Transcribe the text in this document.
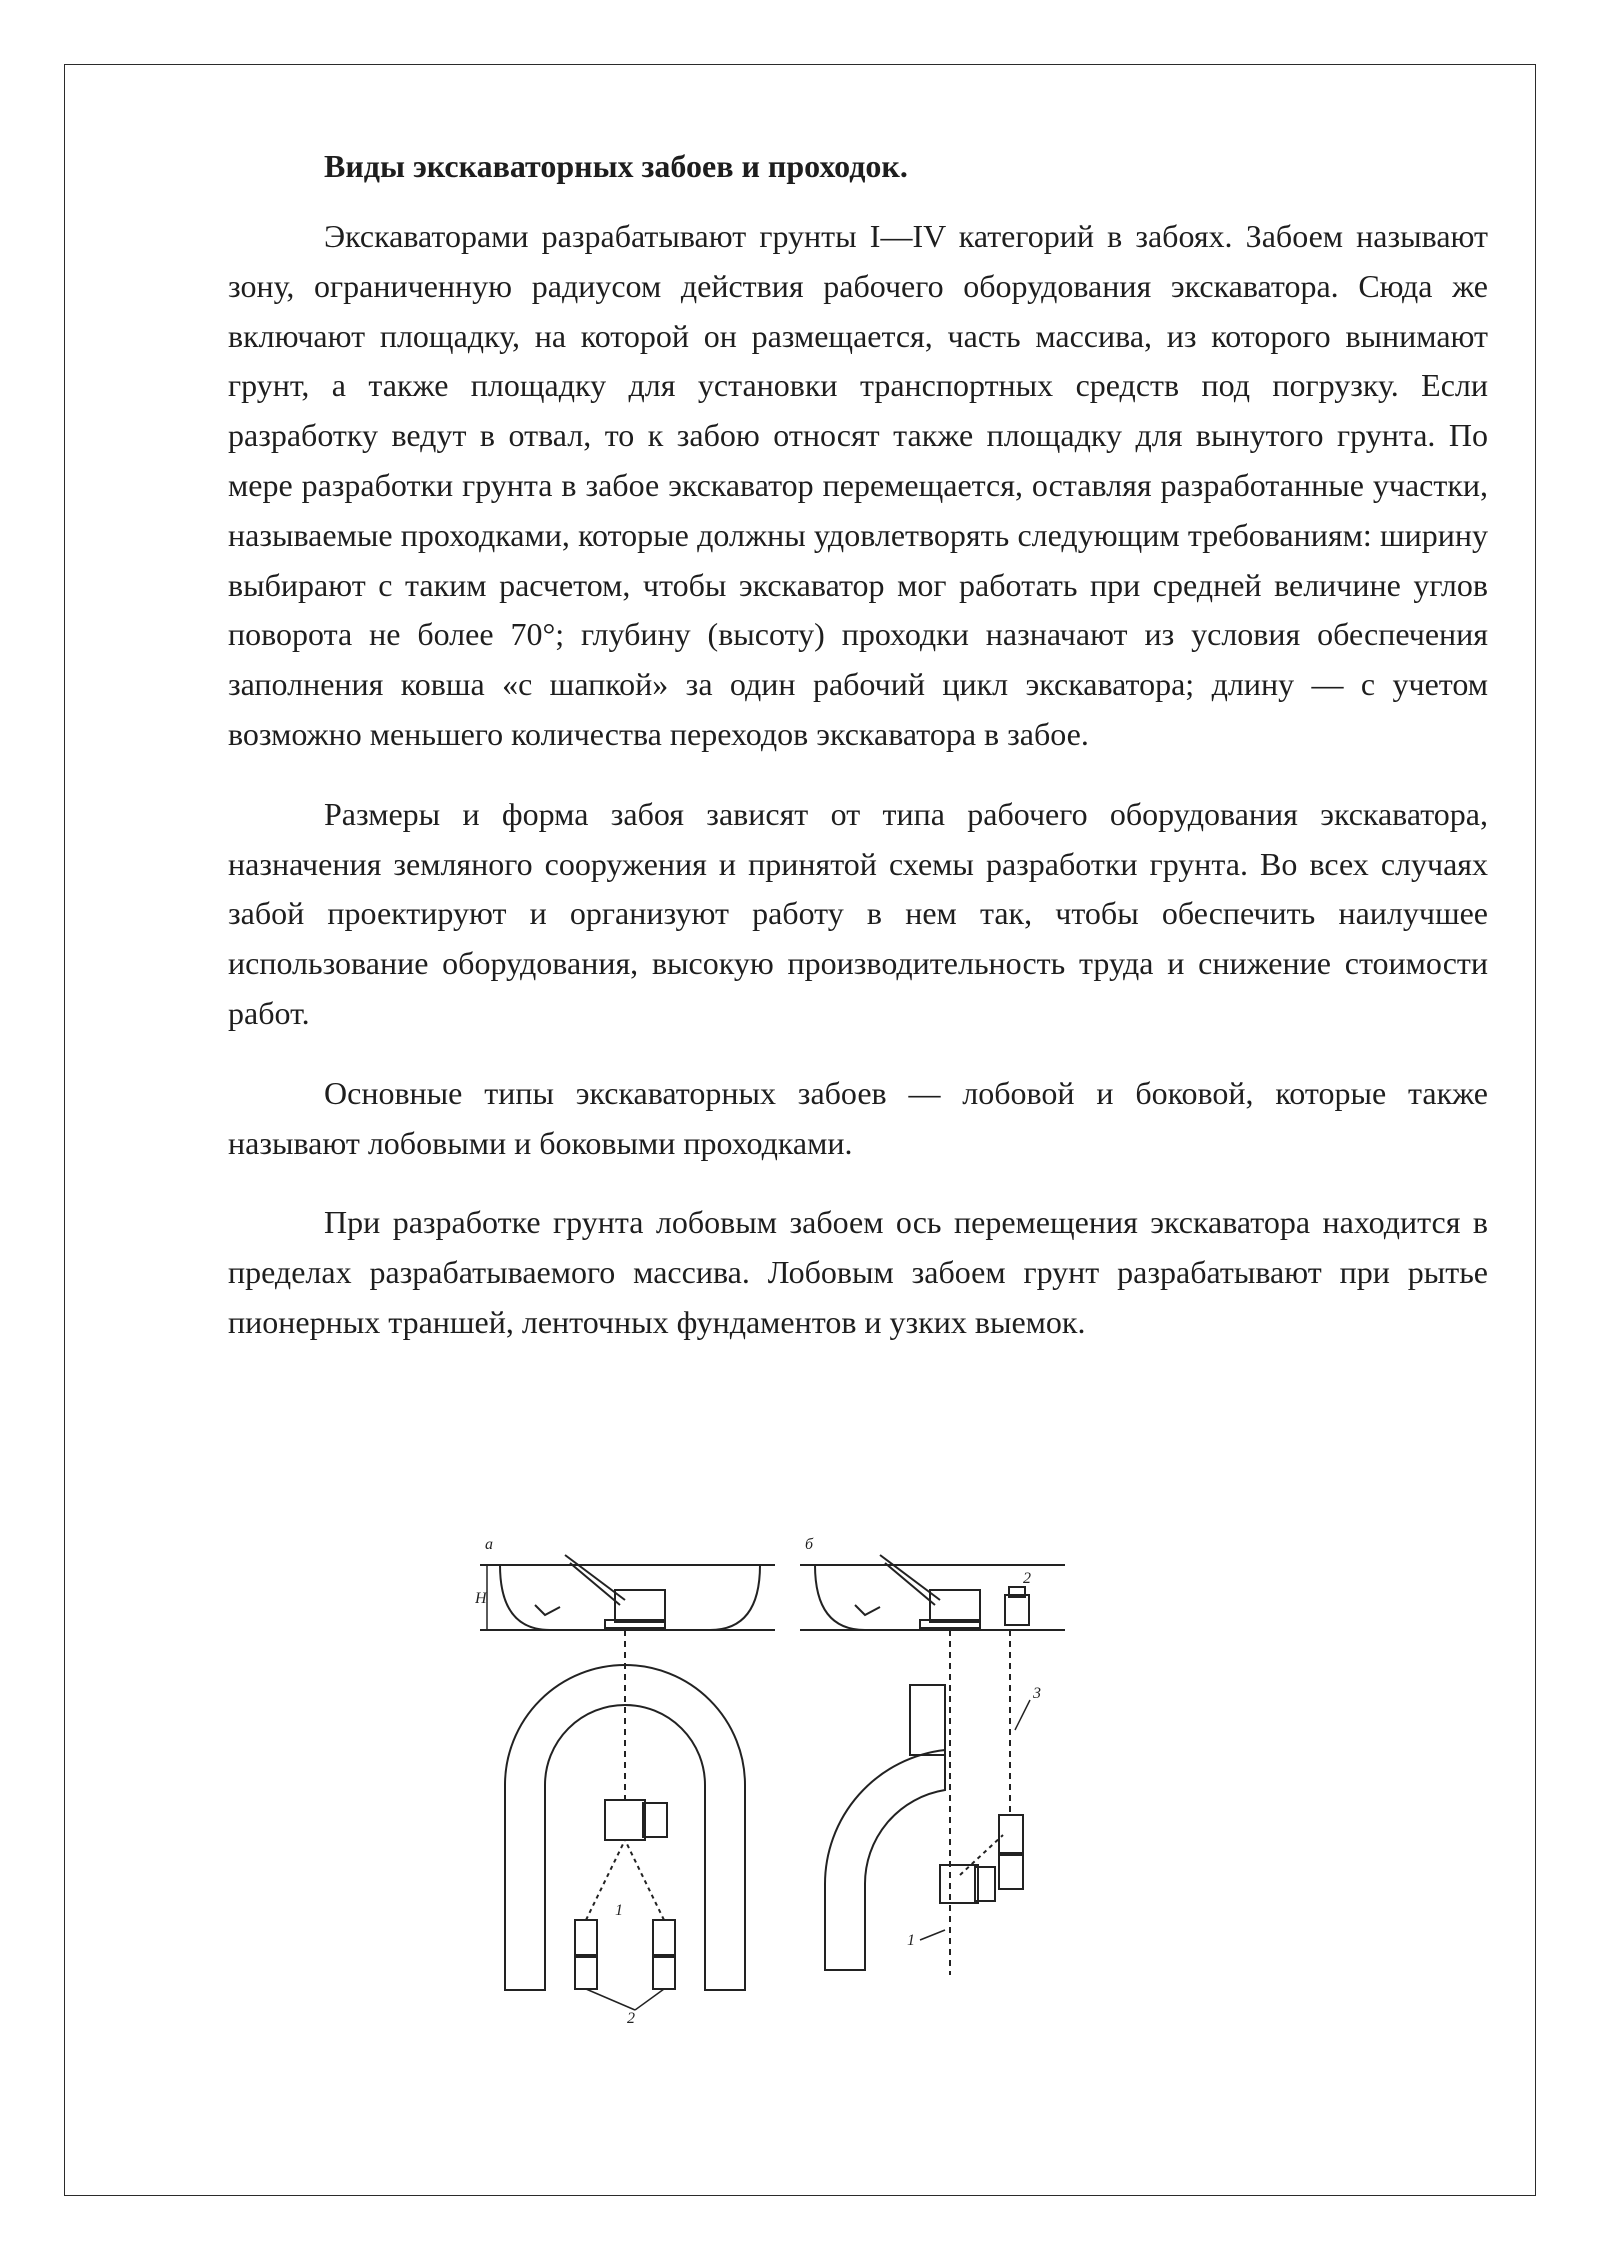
Виды экскаваторных забоев и проходок.

Экскаваторами разрабатывают грунты I—IV категорий в забоях. Забоем называют зону, ограниченную радиусом действия рабочего оборудования экскаватора. Сюда же включают площадку, на которой он размещается, часть массива, из которого вынимают грунт, а также площадку для установки транспортных средств под погрузку. Если разработку ведут в отвал, то к забою относят также площадку для вынутого грунта. По мере разработки грунта в забое экскаватор перемещается, оставляя разработанные участки, называемые проходками, которые должны удовлетворять следующим требованиям: ширину выбирают с таким расчетом, чтобы экскаватор мог работать при средней величине углов поворота не более 70°; глубину (высоту) проходки назначают из условия обеспечения заполнения ковша «с шапкой» за один рабочий цикл экскаватора; длину — с учетом возможно меньшего количества переходов экскаватора в забое.

Размеры и форма забоя зависят от типа рабочего оборудования экскаватора, назначения земляного сооружения и принятой схемы разработки грунта. Во всех случаях забой проектируют и организуют работу в нем так, чтобы обеспечить наилучшее использование оборудования, высокую производительность труда и снижение стоимости работ.

Основные типы экскаваторных забоев — лобовой и боковой, которые также называют лобовыми и боковыми проходками.

При разработке грунта лобовым забоем ось перемещения экскаватора находится в пределах разрабатываемого массива. Лобовым забоем грунт разрабатывают при рытье пионерных траншей, ленточных фундаментов и узких выемок.

а	б
Н
1
2
3
2
1
